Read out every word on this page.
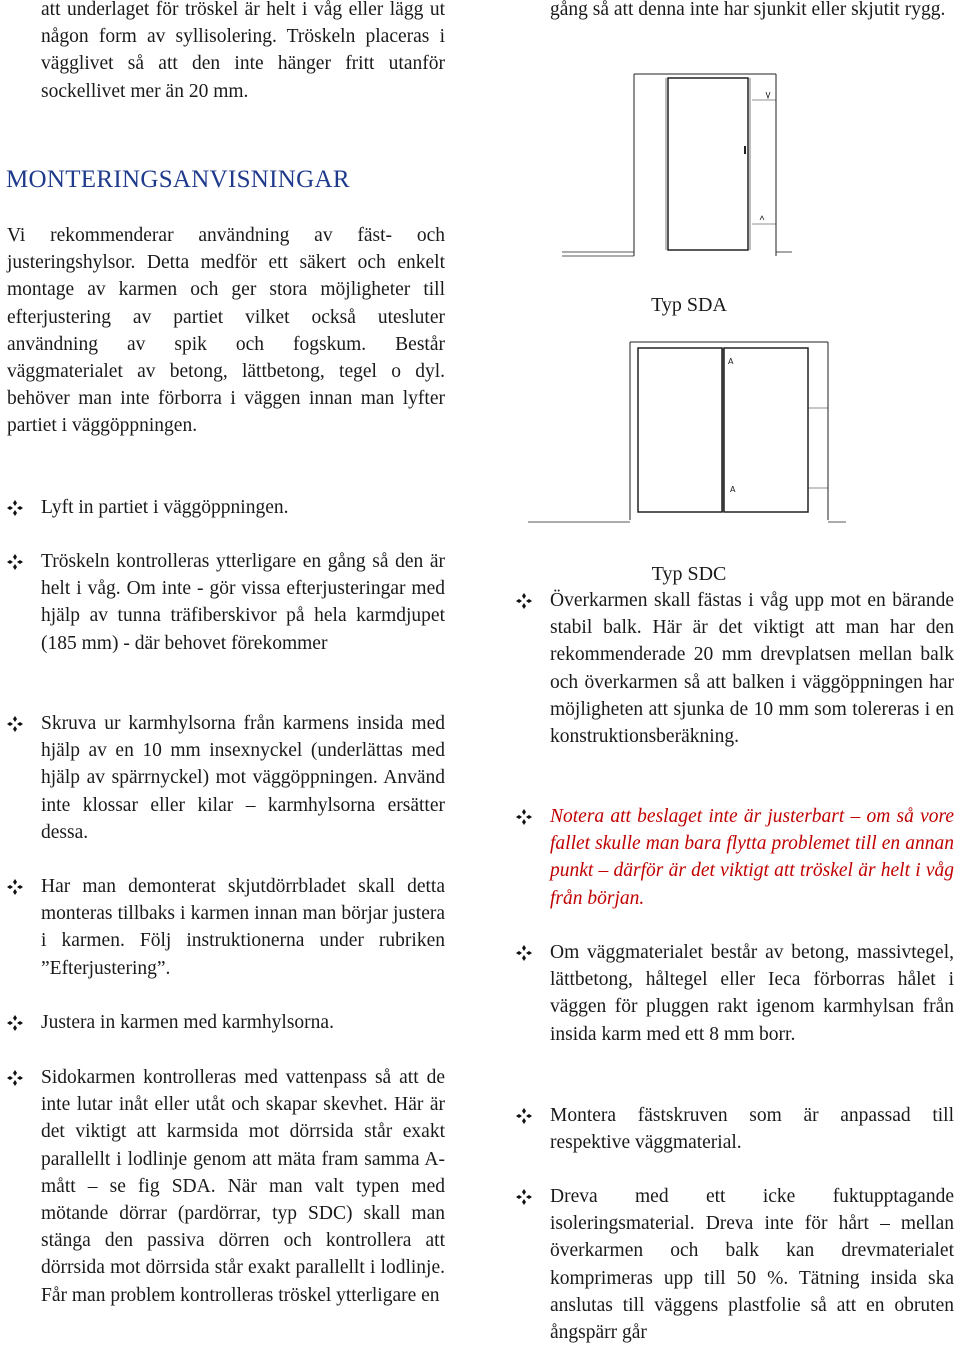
att underlaget för tröskel är helt i våg eller lägg ut någon form av syllisolering. Tröskeln placeras i vägglivet så att den inte hänger fritt utanför sockellivet mer än 20 mm.

MONTERINGSANVISNINGAR

Vi rekommenderar användning av fäst- och justeringshylsor. Detta medför ett säkert och enkelt montage av karmen och ger stora möjligheter till efterjustering av partiet vilket också utesluter användning av spik och fogskum. Består väggmaterialet av betong, lättbetong, tegel o dyl. behöver man inte förborra i väggen innan man lyfter partiet i väggöppningen.

Lyft in partiet i väggöppningen.
Tröskeln kontrolleras ytterligare en gång så den är helt i våg. Om inte - gör vissa efterjusteringar med hjälp av tunna träfiberskivor på hela karmdjupet (185 mm) - där behovet förekommer
Skruva ur karmhylsorna från karmens insida med hjälp av en 10 mm insexnyckel (underlättas med hjälp av spärrnyckel) mot väggöppningen. Använd inte klossar eller kilar – karmhylsorna ersätter dessa.
Har man demonterat skjutdörrbladet skall detta monteras tillbaks i karmen innan man börjar justera i karmen. Följ instruktionerna under rubriken ”Efterjustering”.
Justera in karmen med karmhylsorna.
Sidokarmen kontrolleras med vattenpass så att de inte lutar inåt eller utåt och skapar skevhet. Här är det viktigt att karmsida mot dörrsida står exakt parallellt i lodlinje genom att mäta fram samma A-mått – se fig SDA. När man valt typen med mötande dörrar (pardörrar, typ SDC) skall man stänga den passiva dörren och kontrollera att dörrsida mot dörrsida står exakt parallellt i lodlinje. Får man problem kontrolleras tröskel ytterligare en

gång så att denna inte har sjunkit eller skjutit rygg.

Typ SDA
A
A
Typ SDC
Överkarmen skall fästas i våg upp mot en bärande stabil balk. Här är det viktigt att man har den rekommenderade 20 mm drevplatsen mellan balk och överkarmen så att balken i väggöppningen har möjligheten att sjunka de 10 mm som tolereras i en konstruktionsberäkning.
Notera att beslaget inte är justerbart – om så vore fallet skulle man bara flytta problemet till en annan punkt – därför är det viktigt att tröskel är helt i våg från början.
Om väggmaterialet består av betong, massivtegel, lättbetong, håltegel eller Ieca förborras hålet i väggen för pluggen rakt igenom karmhylsan från insida karm med ett 8 mm borr.
Montera fästskruven som är anpassad till respektive väggmaterial.
Dreva med ett icke fuktupptagande isoleringsmaterial. Dreva inte för hårt – mellan överkarmen och balk kan drevmaterialet komprimeras upp till 50 %. Tätning insida ska anslutas till väggens plastfolie så att en obruten ångspärr går
